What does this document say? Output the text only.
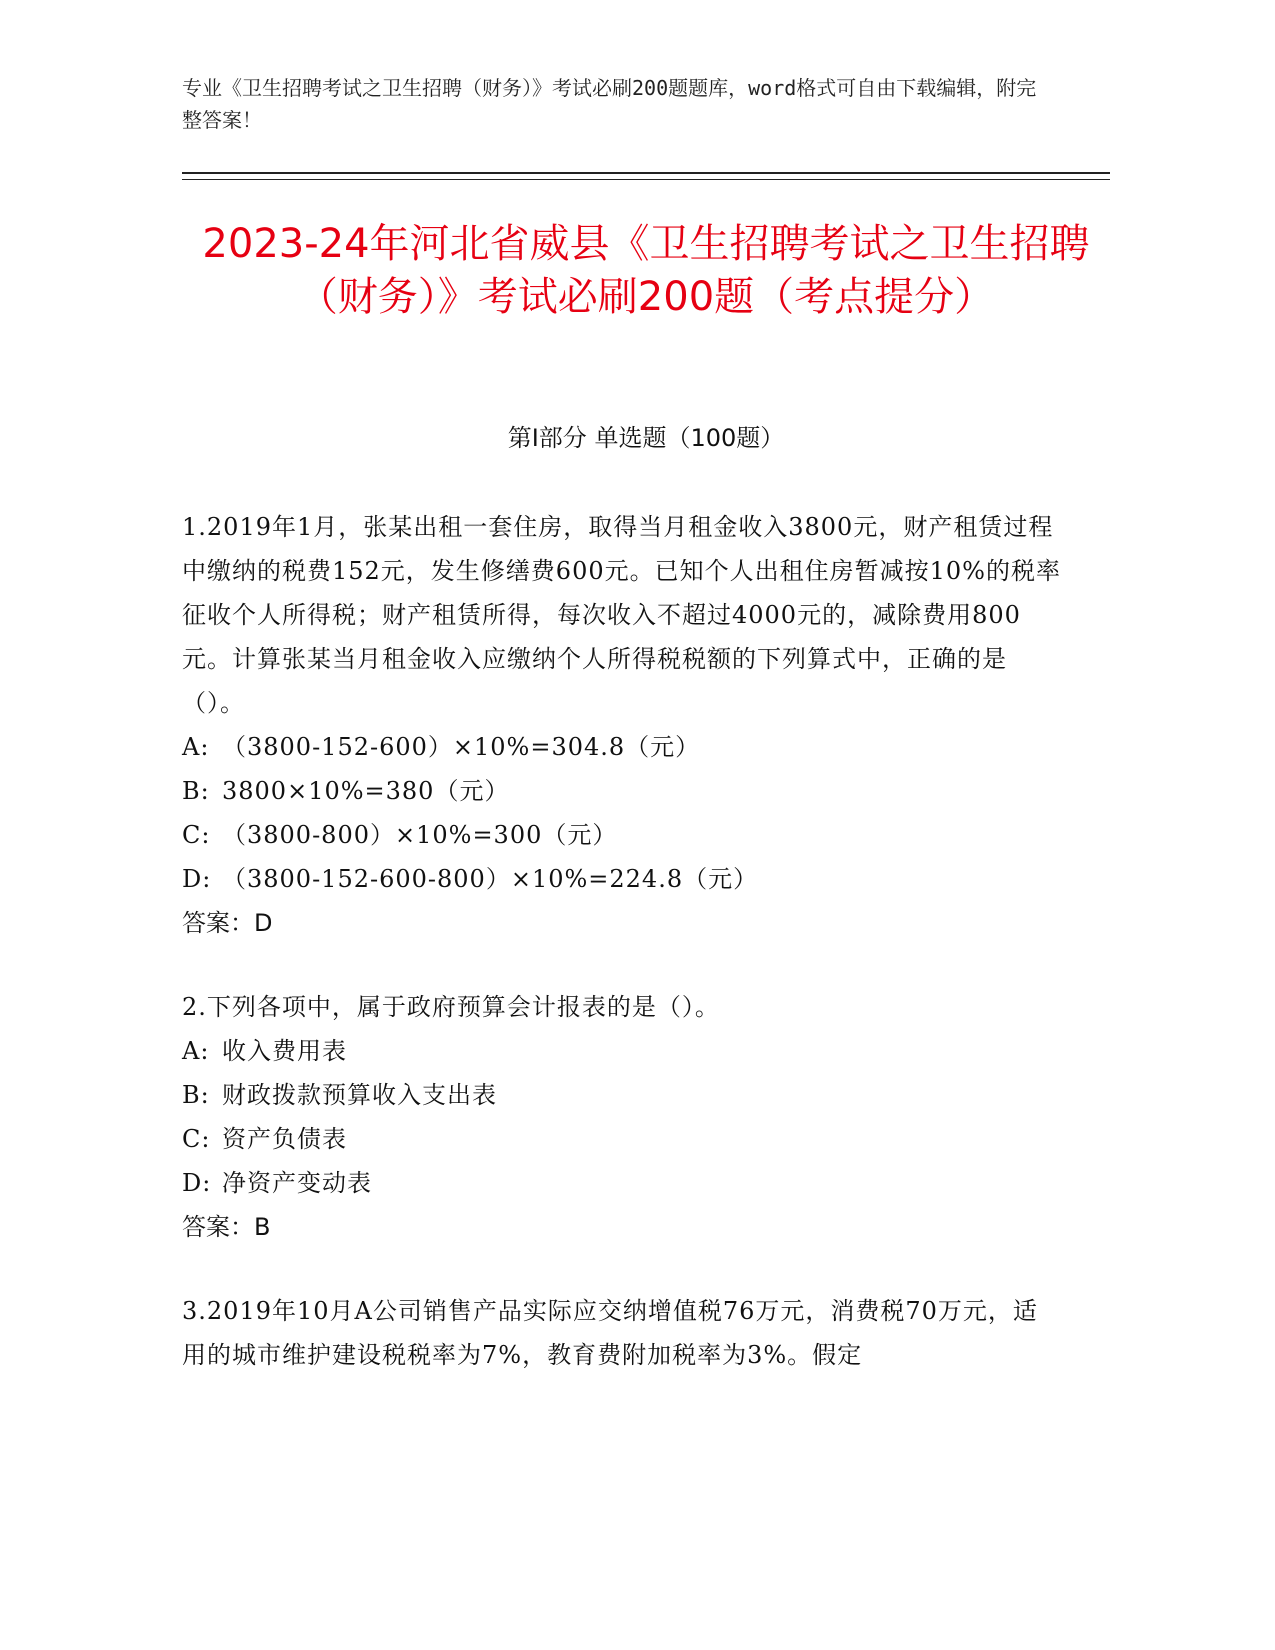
专业《卫生招聘考试之卫生招聘（财务）》考试必刷200题题库，word格式可自由下载编辑，附完整答案！
2023-24年河北省威县《卫生招聘考试之卫生招聘（财务）》考试必刷200题（考点提分）
第Ⅰ部分 单选题（100题）
1.2019年1月，张某出租一套住房，取得当月租金收入3800元，财产租赁过程中缴纳的税费152元，发生修缮费600元。已知个人出租住房暂减按10%的税率征收个人所得税；财产租赁所得，每次收入不超过4000元的，减除费用800元。计算张某当月租金收入应缴纳个人所得税税额的下列算式中，正确的是（）。
A: （3800-152-600）×10%=304.8（元）
B: 3800×10%=380（元）
C: （3800-800）×10%=300（元）
D: （3800-152-600-800）×10%=224.8（元）
答案：D
2.下列各项中，属于政府预算会计报表的是（）。
A: 收入费用表
B: 财政拨款预算收入支出表
C: 资产负债表
D: 净资产变动表
答案：B
3.2019年10月A公司销售产品实际应交纳增值税76万元，消费税70万元，适用的城市维护建设税税率为7%，教育费附加税率为3%。假定
